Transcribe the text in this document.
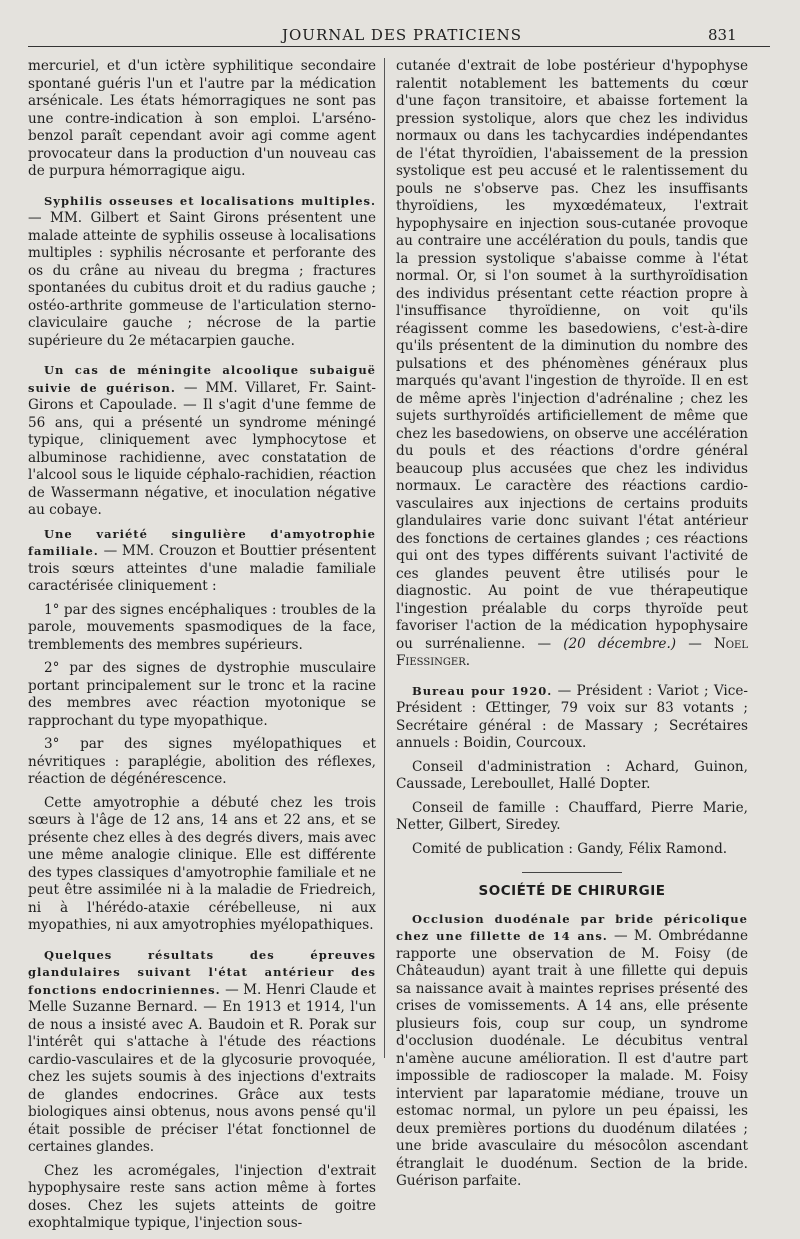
JOURNAL DES PRATICIENS	831

mercuriel, et d'un ictère syphilitique secondaire spontané guéris l'un et l'autre par la médication arsénicale. Les états hémorragiques ne sont pas une contre-indication à son emploi. L'arséno-benzol paraît cependant avoir agi comme agent provocateur dans la production d'un nouveau cas de purpura hémorragique aigu.

Syphilis osseuses et localisations multiples. — MM. Gilbert et Saint Girons présentent une malade atteinte de syphilis osseuse à localisations multiples : syphilis nécrosante et perforante des os du crâne au niveau du bregma ; fractures spontanées du cubitus droit et du radius gauche ; ostéo-arthrite gommeuse de l'articulation sterno-claviculaire gauche ; nécrose de la partie supérieure du 2e métacarpien gauche.

Un cas de méningite alcoolique subaiguë suivie de guérison. — MM. Villaret, Fr. Saint-Girons et Capoulade. — Il s'agit d'une femme de 56 ans, qui a présenté un syndrome méningé typique, cliniquement avec lymphocytose et albuminose rachidienne, avec constatation de l'alcool sous le liquide céphalo-rachidien, réaction de Wassermann négative, et inoculation négative au cobaye.

Une variété singulière d'amyotrophie familiale. — MM. Crouzon et Bouttier présentent trois sœurs atteintes d'une maladie familiale caractérisée cliniquement :

1° par des signes encéphaliques : troubles de la parole, mouvements spasmodiques de la face, tremblements des membres supérieurs.

2° par des signes de dystrophie musculaire portant principalement sur le tronc et la racine des membres avec réaction myotonique se rapprochant du type myopathique.

3° par des signes myélopathiques et névritiques : paraplégie, abolition des réflexes, réaction de dégénérescence.

Cette amyotrophie a débuté chez les trois sœurs à l'âge de 12 ans, 14 ans et 22 ans, et se présente chez elles à des degrés divers, mais avec une même analogie clinique. Elle est différente des types classiques d'amyotrophie familiale et ne peut être assimilée ni à la maladie de Friedreich, ni à l'hérédo-ataxie cérébelleuse, ni aux myopathies, ni aux amyotrophies myélopathiques.

Quelques résultats des épreuves glandulaires suivant l'état antérieur des fonctions endocriniennes. — M. Henri Claude et Melle Suzanne Bernard. — En 1913 et 1914, l'un de nous a insisté avec A. Baudoin et R. Porak sur l'intérêt qui s'attache à l'étude des réactions cardio-vasculaires et de la glycosurie provoquée, chez les sujets soumis à des injections d'extraits de glandes endocrines. Grâce aux tests biologiques ainsi obtenus, nous avons pensé qu'il était possible de préciser l'état fonctionnel de certaines glandes.

Chez les acromégales, l'injection d'extrait hypophysaire reste sans action même à fortes doses. Chez les sujets atteints de goitre exophtalmique typique, l'injection sous-

cutanée d'extrait de lobe postérieur d'hypophyse ralentit notablement les battements du cœur d'une façon transitoire, et abaisse fortement la pression systolique, alors que chez les individus normaux ou dans les tachycardies indépendantes de l'état thyroïdien, l'abaissement de la pression systolique est peu accusé et le ralentissement du pouls ne s'observe pas. Chez les insuffisants thyroïdiens, les myxœdémateux, l'extrait hypophysaire en injection sous-cutanée provoque au contraire une accélération du pouls, tandis que la pression systolique s'abaisse comme à l'état normal. Or, si l'on soumet à la surthyroïdisation des individus présentant cette réaction propre à l'insuffisance thyroïdienne, on voit qu'ils réagissent comme les basedowiens, c'est-à-dire qu'ils présentent de la diminution du nombre des pulsations et des phénomènes généraux plus marqués qu'avant l'ingestion de thyroïde. Il en est de même après l'injection d'adrénaline ; chez les sujets surthyroïdés artificiellement de même que chez les basedowiens, on observe une accélération du pouls et des réactions d'ordre général beaucoup plus accusées que chez les individus normaux. Le caractère des réactions cardio-vasculaires aux injections de certains produits glandulaires varie donc suivant l'état antérieur des fonctions de certaines glandes ; ces réactions qui ont des types différents suivant l'activité de ces glandes peuvent être utilisés pour le diagnostic. Au point de vue thérapeutique l'ingestion préalable du corps thyroïde peut favoriser l'action de la médication hypophysaire ou surrénalienne. — (20 décembre.) — Noel Fiessinger.

Bureau pour 1920. — Président : Variot ; Vice-Président : Œttinger, 79 voix sur 83 votants ; Secrétaire général : de Massary ; Secrétaires annuels : Boidin, Courcoux.

Conseil d'administration : Achard, Guinon, Caussade, Lereboullet, Hallé Dopter.

Conseil de famille : Chauffard, Pierre Marie, Netter, Gilbert, Siredey.

Comité de publication : Gandy, Félix Ramond.

SOCIÉTÉ DE CHIRURGIE

Occlusion duodénale par bride péricolique chez une fillette de 14 ans. — M. Ombrédanne rapporte une observation de M. Foisy (de Châteaudun) ayant trait à une fillette qui depuis sa naissance avait à maintes reprises présenté des crises de vomissements. A 14 ans, elle présente plusieurs fois, coup sur coup, un syndrome d'occlusion duodénale. Le décubitus ventral n'amène aucune amélioration. Il est d'autre part impossible de radioscoper la malade. M. Foisy intervient par laparatomie médiane, trouve un estomac normal, un pylore un peu épaissi, les deux premières portions du duodénum dilatées ; une bride avasculaire du mésocôlon ascendant étranglait le duodénum. Section de la bride. Guérison parfaite.
